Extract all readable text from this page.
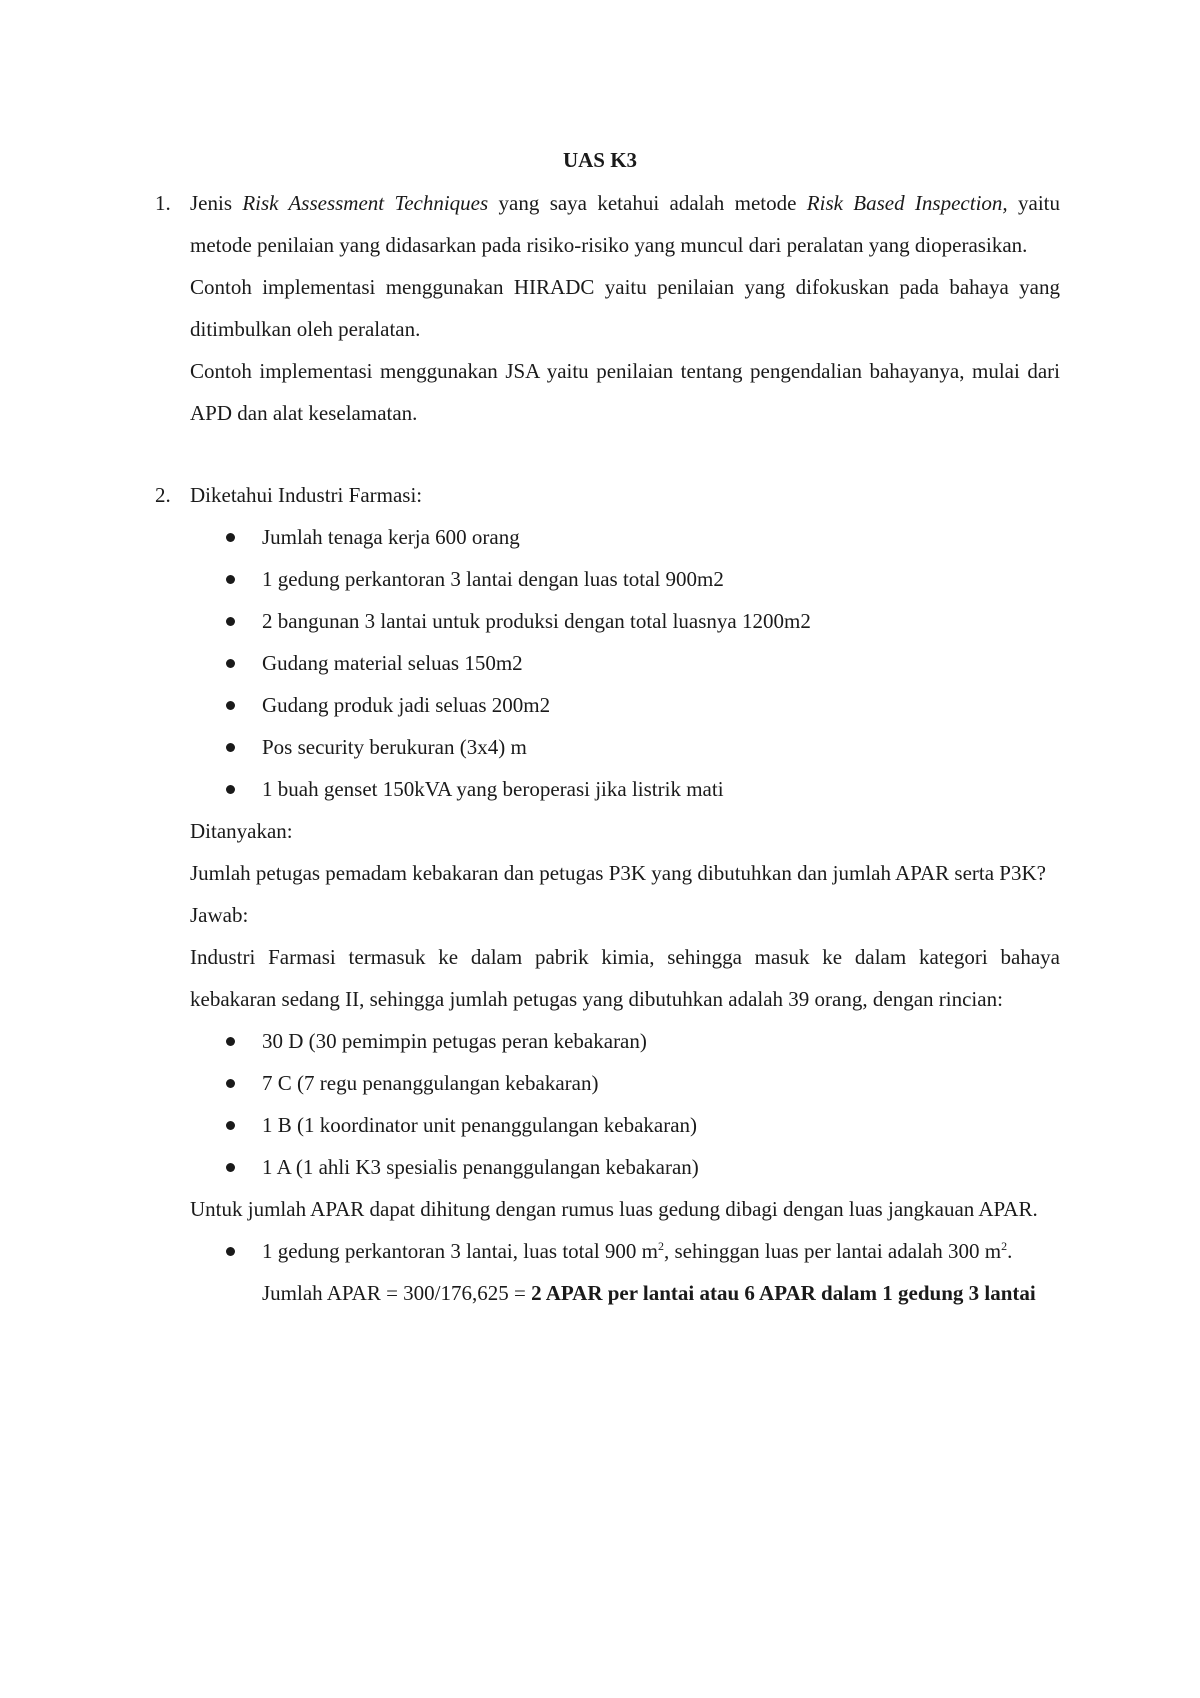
UAS K3
1. Jenis Risk Assessment Techniques yang saya ketahui adalah metode Risk Based Inspection, yaitu metode penilaian yang didasarkan pada risiko-risiko yang muncul dari peralatan yang dioperasikan.

Contoh implementasi menggunakan HIRADC yaitu penilaian yang difokuskan pada bahaya yang ditimbulkan oleh peralatan.

Contoh implementasi menggunakan JSA yaitu penilaian tentang pengendalian bahayanya, mulai dari APD dan alat keselamatan.

2. Diketahui Industri Farmasi:

Jumlah tenaga kerja 600 orang
1 gedung perkantoran 3 lantai dengan luas total 900m2
2 bangunan 3 lantai untuk produksi dengan total luasnya 1200m2
Gudang material seluas 150m2
Gudang produk jadi seluas 200m2
Pos security berukuran (3x4) m
1 buah genset 150kVA yang beroperasi jika listrik mati

Ditanyakan:

Jumlah petugas pemadam kebakaran dan petugas P3K yang dibutuhkan dan jumlah APAR serta P3K?

Jawab:

Industri Farmasi termasuk ke dalam pabrik kimia, sehingga masuk ke dalam kategori bahaya kebakaran sedang II, sehingga jumlah petugas yang dibutuhkan adalah 39 orang, dengan rincian:

30 D (30 pemimpin petugas peran kebakaran)
7 C (7 regu penanggulangan kebakaran)
1 B (1 koordinator unit penanggulangan kebakaran)
1 A (1 ahli K3 spesialis penanggulangan kebakaran)

Untuk jumlah APAR dapat dihitung dengan rumus luas gedung dibagi dengan luas jangkauan APAR.

1 gedung perkantoran 3 lantai, luas total 900 $m^2$, sehinggan luas per lantai adalah 300 $m^2$.
Jumlah APAR = 300/176,625 = 2 APAR per lantai atau 6 APAR dalam 1 gedung 3 lantai
